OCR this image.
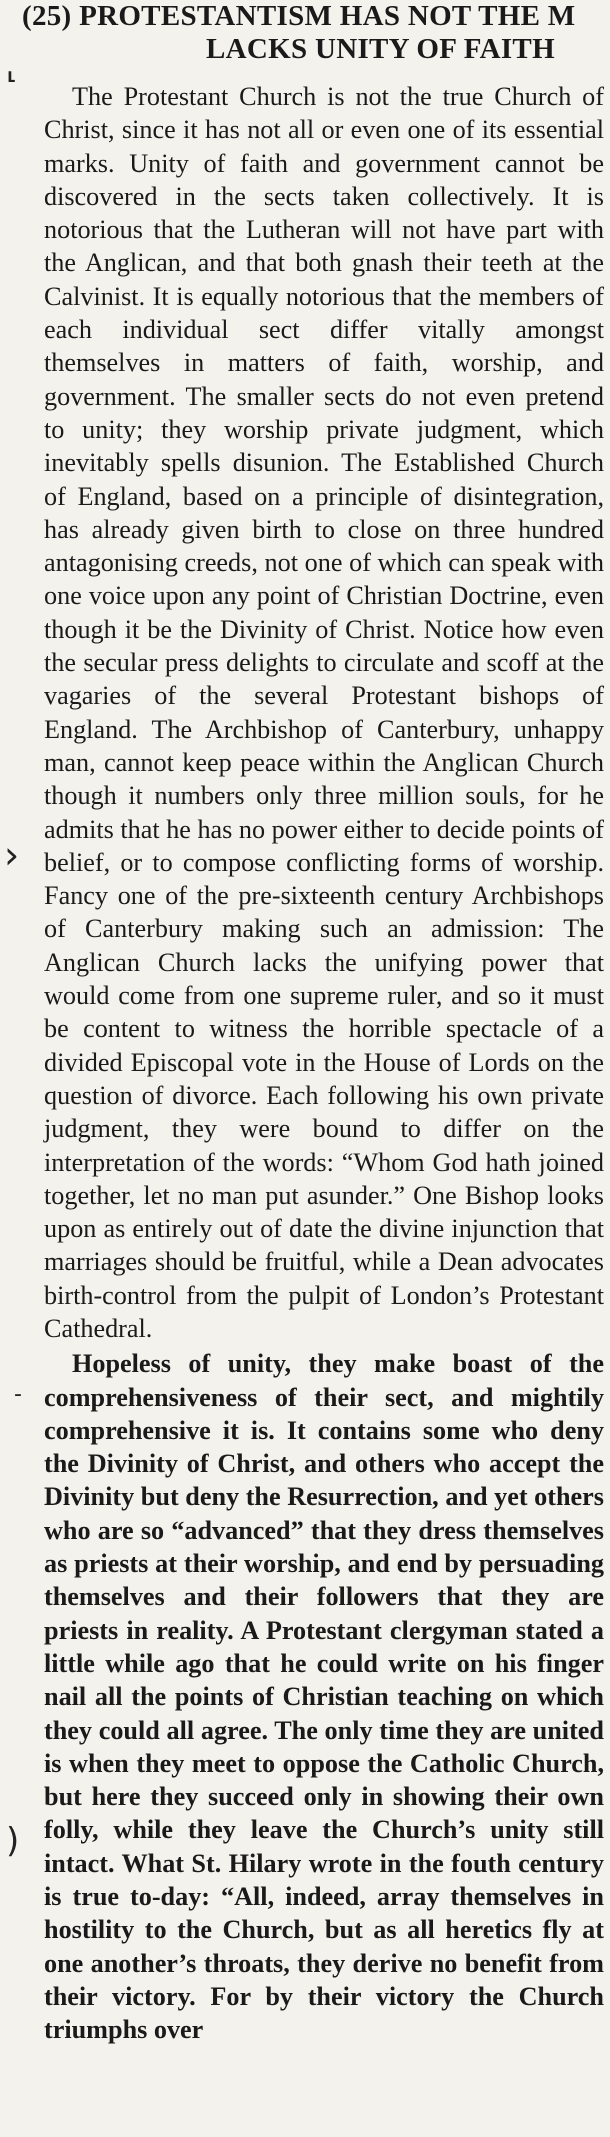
(25) PROTESTANTISM HAS NOT THE M
LACKS UNITY OF FAITH
⸤
›
-
)

The Protestant Church is not the true Church of Christ, since it has not all or even one of its essential marks. Unity of faith and government cannot be discovered in the sects taken collectively. It is notorious that the Lutheran will not have part with the Anglican, and that both gnash their teeth at the Calvinist. It is equally notorious that the members of each individual sect differ vitally amongst themselves in matters of faith, worship, and government. The smaller sects do not even pretend to unity; they worship private judgment, which inevitably spells disunion. The Established Church of England, based on a principle of disintegration, has already given birth to close on three hundred antagonising creeds, not one of which can speak with one voice upon any point of Christian Doctrine, even though it be the Divinity of Christ. Notice how even the secular press delights to circulate and scoff at the vagaries of the several Protestant bishops of England. The Archbishop of Canterbury, unhappy man, cannot keep peace within the Anglican Church though it numbers only three million souls, for he admits that he has no power either to decide points of belief, or to compose conflicting forms of worship. Fancy one of the pre-sixteenth century Archbishops of Canterbury making such an admission: The Anglican Church lacks the unifying power that would come from one supreme ruler, and so it must be content to witness the horrible spectacle of a divided Episcopal vote in the House of Lords on the question of divorce. Each following his own private judgment, they were bound to differ on the interpretation of the words: “Whom God hath joined together, let no man put asunder.” One Bishop looks upon as entirely out of date the divine injunction that marriages should be fruitful, while a Dean advocates birth-control from the pulpit of London’s Protestant Cathedral.

Hopeless of unity, they make boast of the comprehensiveness of their sect, and mightily comprehensive it is. It contains some who deny the Divinity of Christ, and others who accept the Divinity but deny the Resurrection, and yet others who are so “advanced” that they dress themselves as priests at their worship, and end by persuading themselves and their followers that they are priests in reality. A Protestant clergyman stated a little while ago that he could write on his finger nail all the points of Christian teaching on which they could all agree. The only time they are united is when they meet to oppose the Catholic Church, but here they succeed only in showing their own folly, while they leave the Church’s unity still intact. What St. Hilary wrote in the fouth century is true to-day: “All, indeed, array themselves in hostility to the Church, but as all heretics fly at one another’s throats, they derive no benefit from their victory. For by their victory the Church triumphs over
